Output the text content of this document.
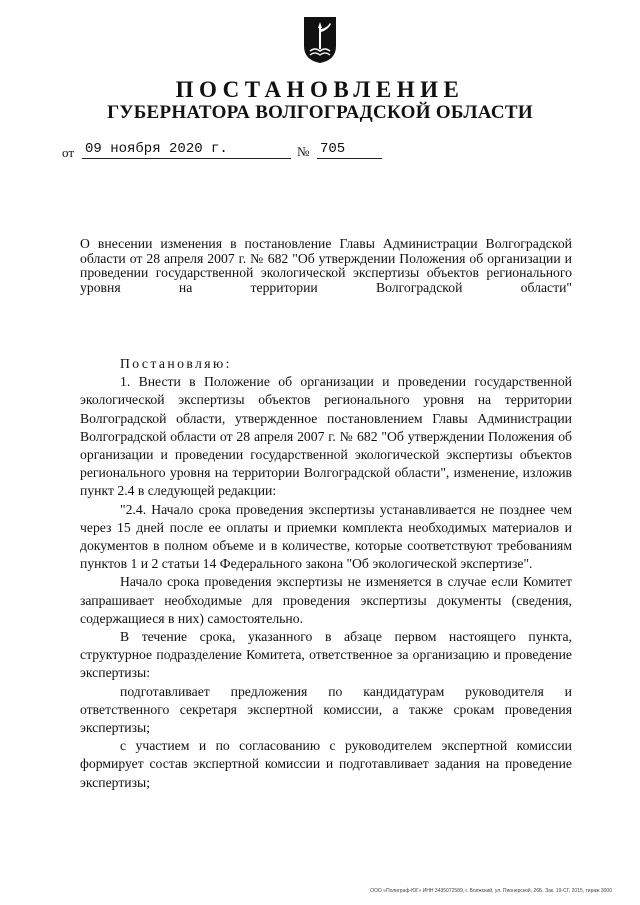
ПОСТАНОВЛЕНИЕ
ГУБЕРНАТОРА ВОЛГОГРАДСКОЙ ОБЛАСТИ
от 09 ноября 2020 г.	№ 705
О внесении изменения в постановление Главы Администрации Волгоградской области от 28 апреля 2007 г. № 682 "Об утверждении Положения об организации и проведении государственной экологической экспертизы объектов регионального уровня на территории Волгоградской области"

Постановляю:

1. Внести в Положение об организации и проведении государственной экологической экспертизы объектов регионального уровня на территории Волгоградской области, утвержденное постановлением Главы Администрации Волгоградской области от 28 апреля 2007 г. № 682 "Об утверждении Положения об организации и проведении государственной экологической экспертизы объектов регионального уровня на территории Волгоградской области", изменение, изложив пункт 2.4 в следующей редакции:

"2.4. Начало срока проведения экспертизы устанавливается не позднее чем через 15 дней после ее оплаты и приемки комплекта необходимых материалов и документов в полном объеме и в количестве, которые соответствуют требованиям пунктов 1 и 2 статьи 14 Федерального закона "Об экологической экспертизе".

Начало срока проведения экспертизы не изменяется в случае если Комитет запрашивает необходимые для проведения экспертизы документы (сведения, содержащиеся в них) самостоятельно.

В течение срока, указанного в абзаце первом настоящего пункта, структурное подразделение Комитета, ответственное за организацию и проведение экспертизы:

подготавливает предложения по кандидатурам руководителя и ответственного секретаря экспертной комиссии, а также срокам проведения экспертизы;

с участием и по согласованию с руководителем экспертной комиссии формирует состав экспертной комиссии и подготавливает задания на проведение экспертизы;

ООО «Полиграф-ЮГ» ИНН 3435072589, г. Волжский, ул. Пионерской, 26Б. Зак. 19-СГ, 2015, тираж 3000
